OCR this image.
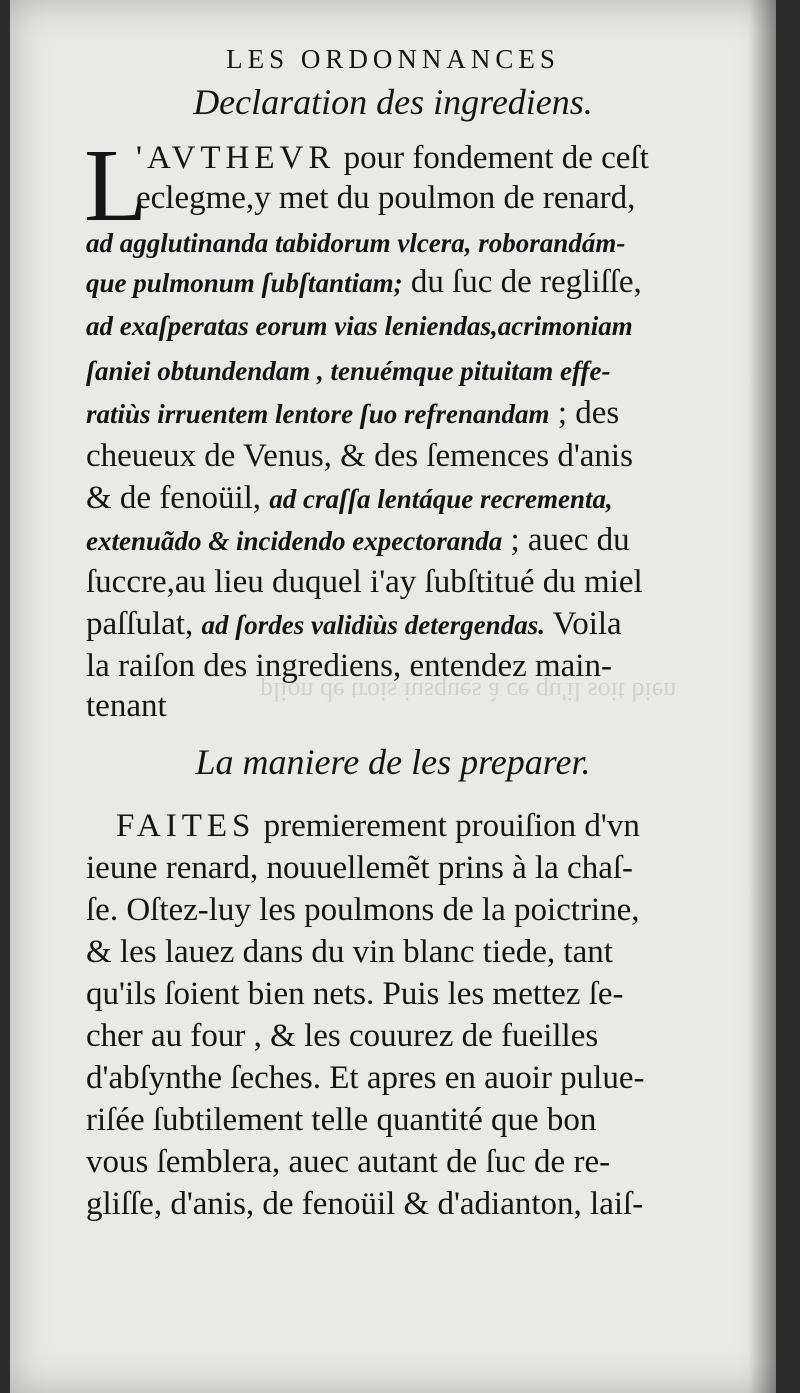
LES ORDONNANCES
Declaration des ingrediens.
L
'AVTHEVR pour fondement de ceſt
eclegme,y met du poulmon de renard,
ad agglutinanda tabidorum vlcera, roborandám-
que pulmonum ſubſtantiam; du ſuc de regliſſe,
ad exaſperatas eorum vias leniendas,acrimoniam
ſaniei obtundendam , tenuémque pituitam effe-
ratiùs irruentem lentore ſuo refrenandam ; des
cheueux de Venus, & des ſemences d'anis
& de fenoüil, ad craſſa lentáque recrementa,
extenuãdo & incidendo expectoranda ; auec du
ſuccre,au lieu duquel i'ay ſubſtitué du miel
paſſulat, ad ſordes validiùs detergendas. Voila
la raiſon des ingrediens, entendez main-
tenant	plion de trois iusques à ce qu'il soit bien
La maniere de les preparer.
FAITES premierement prouiſion d'vn
ieune renard, nouuellemẽt prins à la chaſ-
ſe. Oſtez-luy les poulmons de la poictrine,
& les lauez dans du vin blanc tiede, tant
qu'ils ſoient bien nets. Puis les mettez ſe-
cher au four , & les couurez de fueilles
d'abſynthe ſeches. Et apres en auoir pulue-
riſée ſubtilement telle quantité que bon
vous ſemblera, auec autant de ſuc de re-
gliſſe, d'anis, de fenoüil & d'adianton, laiſ-
